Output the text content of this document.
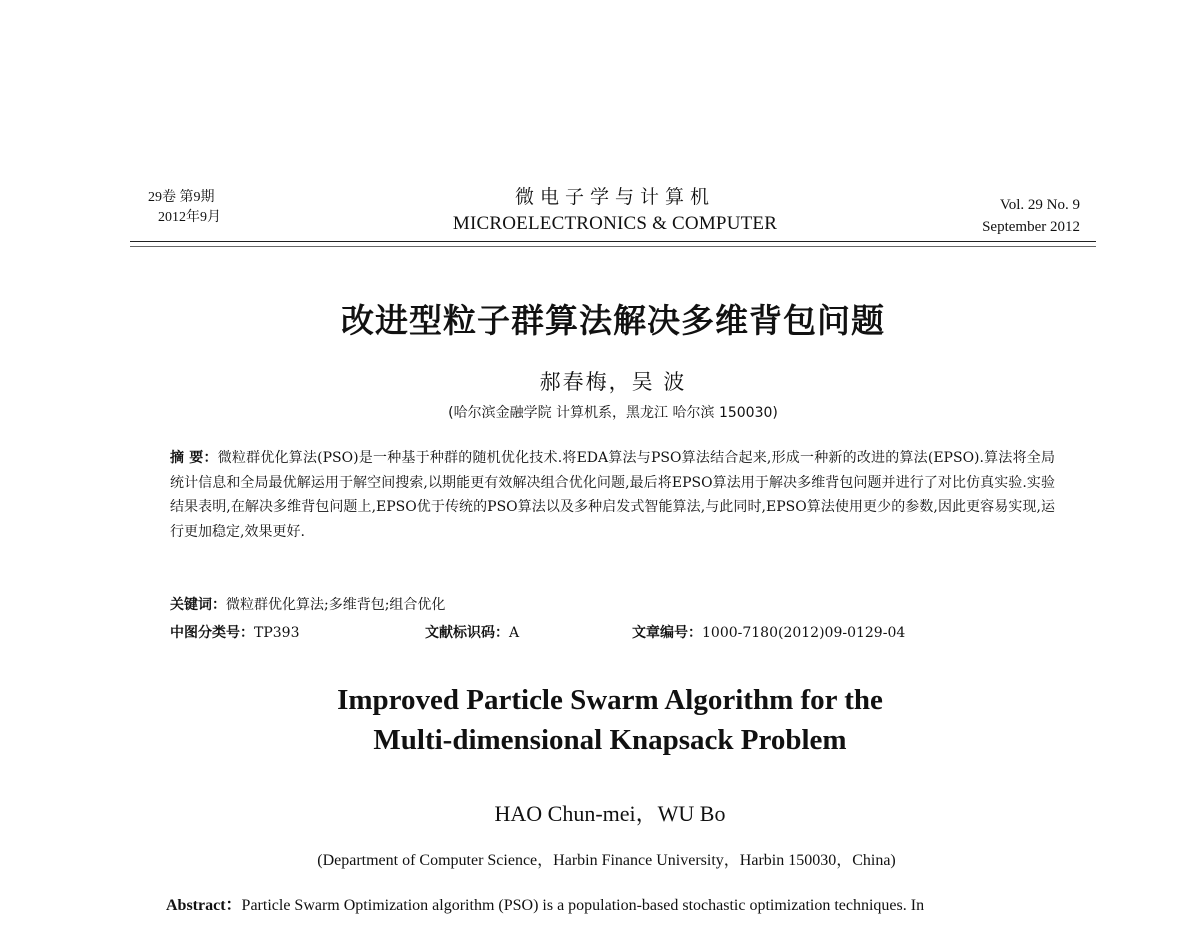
29卷 第9期
2012年9月
微电子学与计算机
MICROELECTRONICS & COMPUTER
Vol. 29 No. 9
September 2012
改进型粒子群算法解决多维背包问题
郝春梅，吴 波
(哈尔滨金融学院 计算机系，黑龙江 哈尔滨 150030)
摘 要：微粒群优化算法(PSO)是一种基于种群的随机优化技术.将EDA算法与PSO算法结合起来,形成一种新的改进的算法(EPSO).算法将全局统计信息和全局最优解运用于解空间搜索,以期能更有效解决组合优化问题,最后将EPSO算法用于解决多维背包问题并进行了对比仿真实验.实验结果表明,在解决多维背包问题上,EPSO优于传统的PSO算法以及多种启发式智能算法,与此同时,EPSO算法使用更少的参数,因此更容易实现,运行更加稳定,效果更好.
关键词：微粒群优化算法;多维背包;组合优化
中图分类号：TP393	文献标识码：A	文章编号：1000-7180(2012)09-0129-04
Improved Particle Swarm Algorithm for the
Multi-dimensional Knapsack Problem
HAO Chun-mei，WU Bo
(Department of Computer Science，Harbin Finance University，Harbin 150030，China)
Abstract：Particle Swarm Optimization algorithm (PSO) is a population-based stochastic optimization techniques. In
